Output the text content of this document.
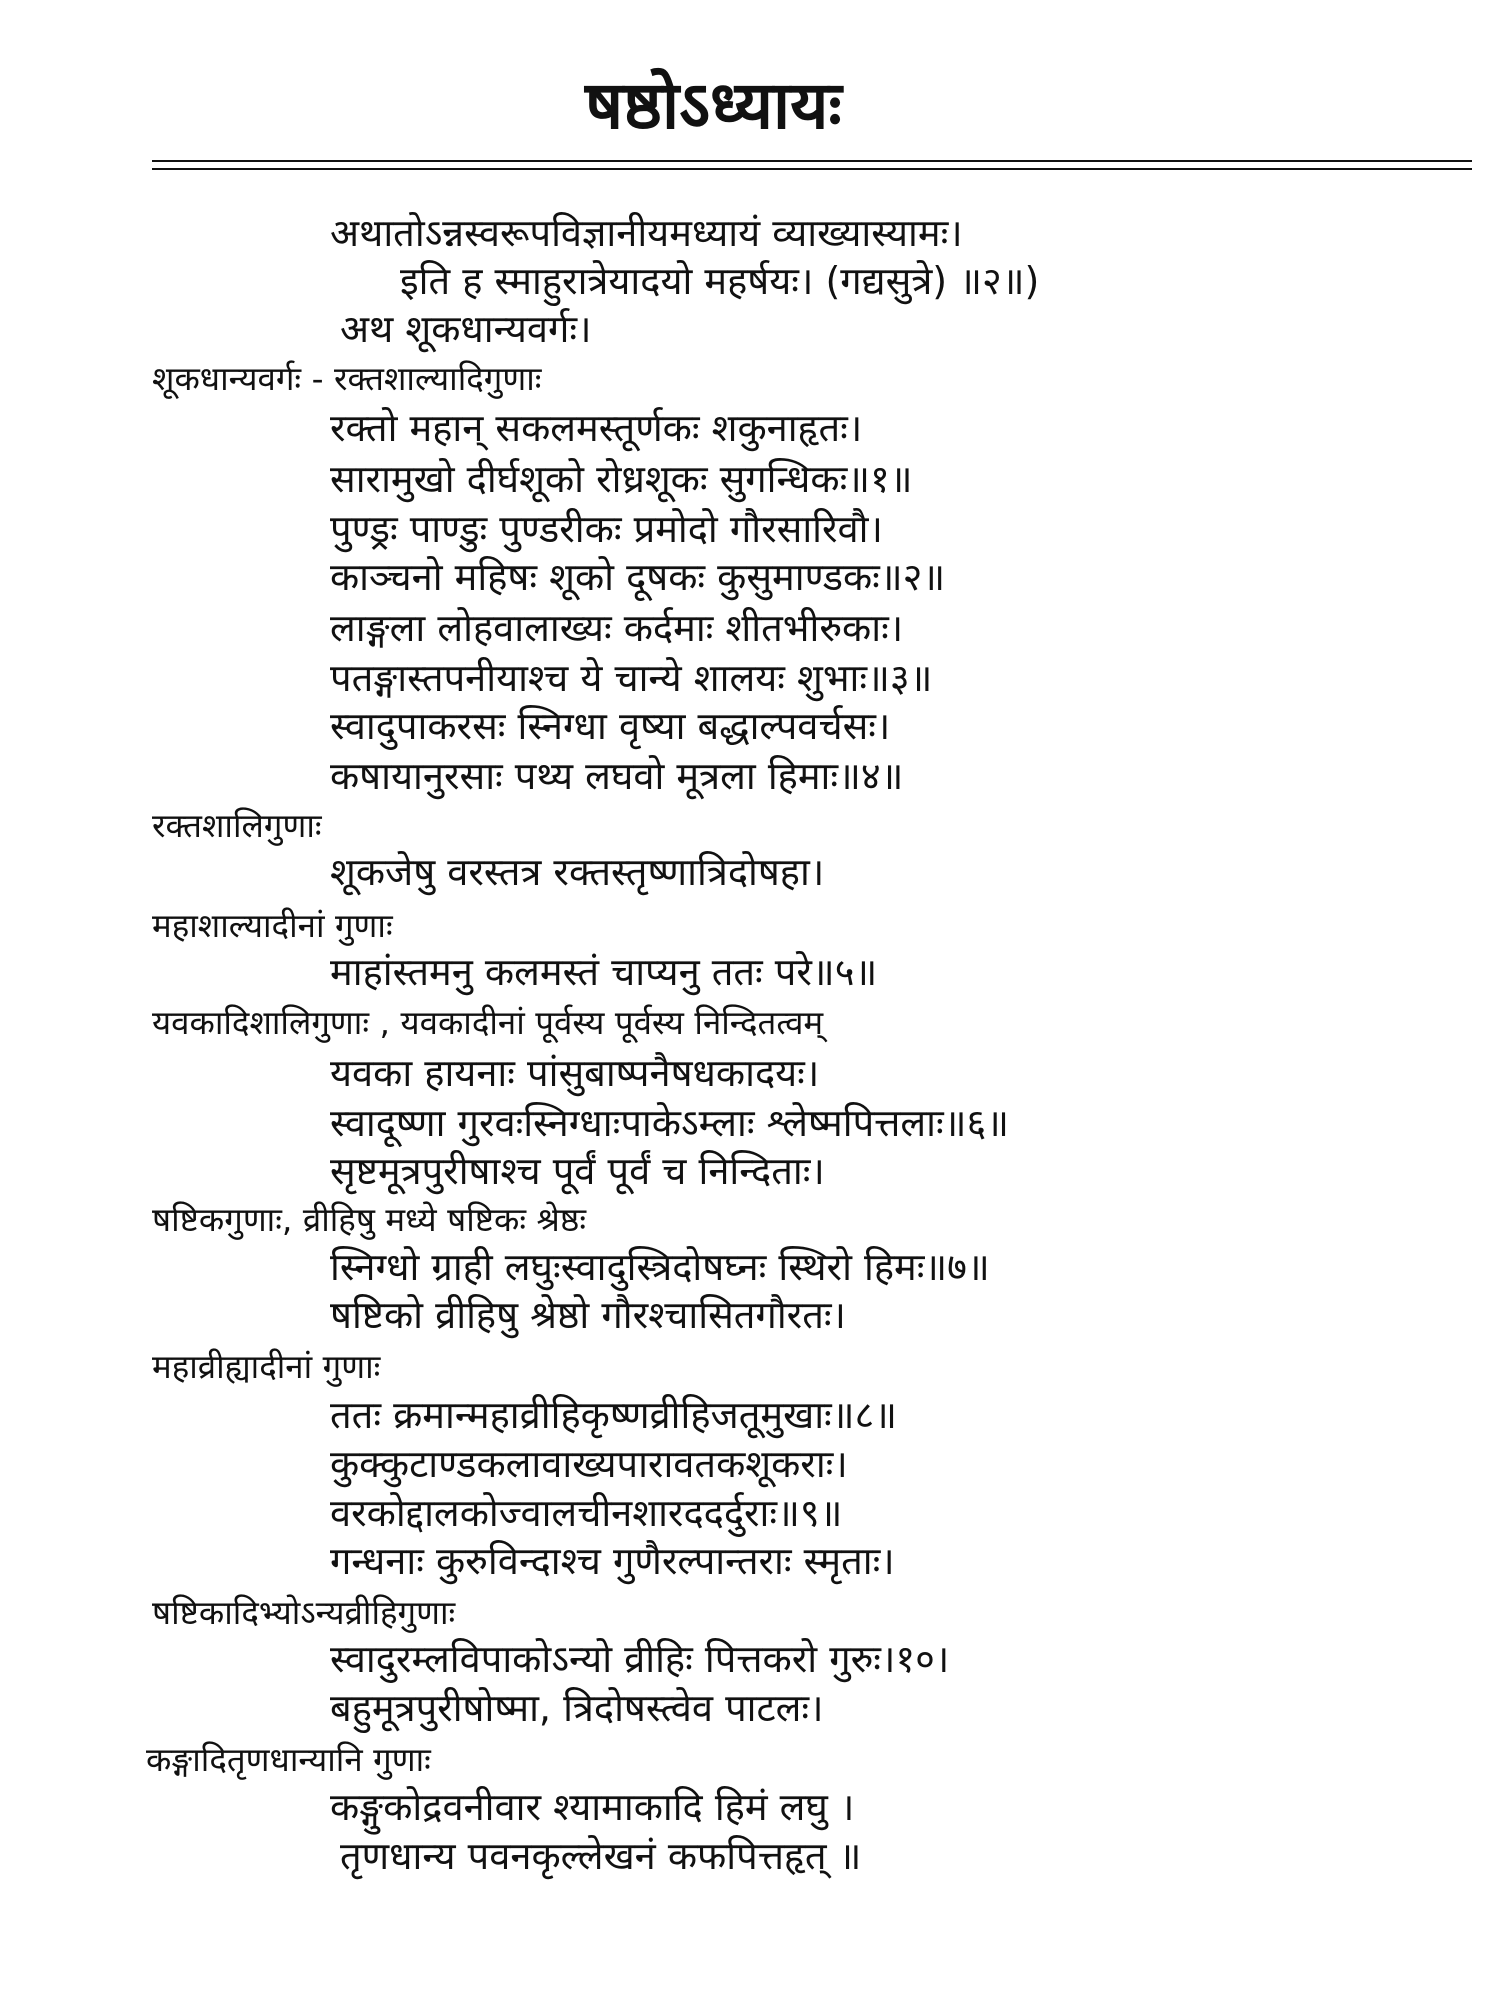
षष्ठोऽध्यायः
अथातोऽन्नस्वरूपविज्ञानीयमध्यायं व्याख्यास्यामः।
इति ह स्माहुरात्रेयादयो महर्षयः। (गद्यसुत्रे) ॥२॥)
अथ शूकधान्यवर्गः।
शूकधान्यवर्गः - रक्तशाल्यादिगुणाः
रक्तो महान् सकलमस्तूर्णकः शकुनाहृतः।
सारामुखो दीर्घशूको रोध्रशूकः सुगन्धिकः॥१॥
पुण्ड्रः पाण्डुः पुण्डरीकः प्रमोदो गौरसारिवौ।
काञ्चनो महिषः शूको दूषकः कुसुमाण्डकः॥२॥
लाङ्गला लोहवालाख्यः कर्दमाः शीतभीरुकाः।
पतङ्गास्तपनीयाश्च ये चान्ये शालयः शुभाः॥३॥
स्वादुपाकरसः स्निग्धा वृष्या बद्धाल्पवर्चसः।
कषायानुरसाः पथ्य लघवो मूत्रला हिमाः॥४॥
रक्तशालिगुणाः
शूकजेषु वरस्तत्र रक्तस्तृष्णात्रिदोषहा।
महाशाल्यादीनां गुणाः
माहांस्तमनु कलमस्तं चाप्यनु ततः परे॥५॥
यवकादिशालिगुणाः , यवकादीनां पूर्वस्य पूर्वस्य निन्दितत्वम्
यवका हायनाः पांसुबाष्पनैषधकादयः।
स्वादूष्णा गुरवःस्निग्धाःपाकेऽम्लाः श्लेष्मपित्तलाः॥६॥
सृष्टमूत्रपुरीषाश्च पूर्वं पूर्वं च निन्दिताः।
षष्टिकगुणाः, व्रीहिषु मध्ये षष्टिकः श्रेष्ठः
स्निग्धो ग्राही लघुःस्वादुस्त्रिदोषघ्नः स्थिरो हिमः॥७॥
षष्टिको व्रीहिषु श्रेष्ठो गौरश्चासितगौरतः।
महाव्रीह्यादीनां गुणाः
ततः क्रमान्महाव्रीहिकृष्णव्रीहिजतूमुखाः॥८॥
कुक्कुटाण्डकलावाख्यपारावतकशूकराः।
वरकोद्दालकोज्वालचीनशारददर्दुराः॥९॥
गन्धनाः कुरुविन्दाश्च गुणैरल्पान्तराः स्मृताः।
षष्टिकादिभ्योऽन्यव्रीहिगुणाः
स्वादुरम्लविपाकोऽन्यो व्रीहिः पित्तकरो गुरुः।१०।
बहुमूत्रपुरीषोष्मा, त्रिदोषस्त्वेव पाटलः।
कङ्गादितृणधान्यानि गुणाः
कङ्गुकोद्रवनीवार श्यामाकादि हिमं लघु ।
तृणधान्य पवनकृल्लेखनं कफपित्तहृत् ॥
